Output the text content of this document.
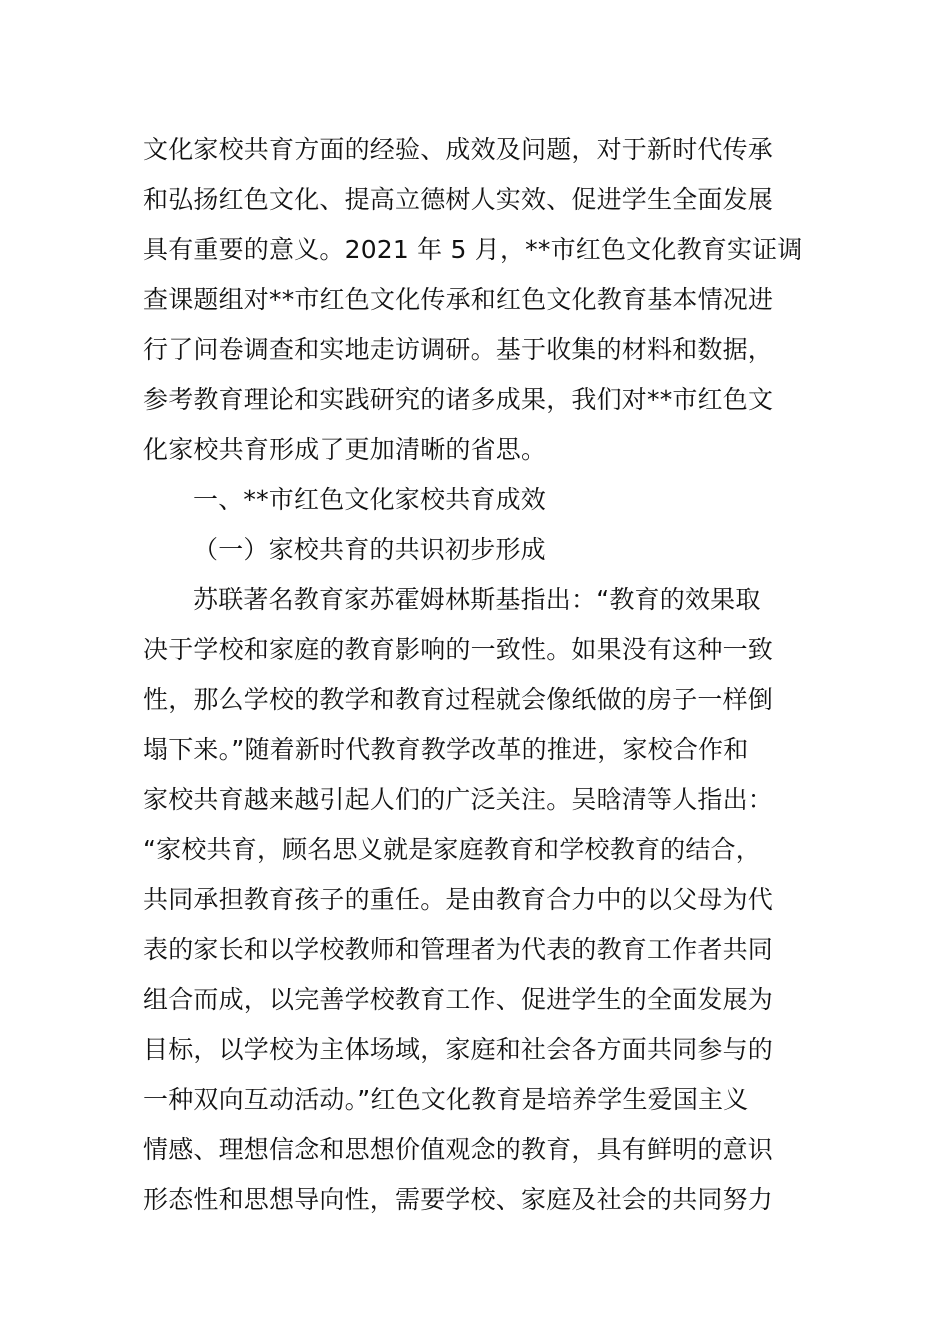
文化家校共育方面的经验、成效及问题，对于新时代传承
和弘扬红色文化、提高立德树人实效、促进学生全面发展
具有重要的意义。2021 年 5 月，**市红色文化教育实证调
查课题组对**市红色文化传承和红色文化教育基本情况进
行了问卷调查和实地走访调研。基于收集的材料和数据，
参考教育理论和实践研究的诸多成果，我们对**市红色文
化家校共育形成了更加清晰的省思。
一、**市红色文化家校共育成效
（一）家校共育的共识初步形成
苏联著名教育家苏霍姆林斯基指出：“教育的效果取
决于学校和家庭的教育影响的一致性。如果没有这种一致
性，那么学校的教学和教育过程就会像纸做的房子一样倒
塌下来。”随着新时代教育教学改革的推进，家校合作和
家校共育越来越引起人们的广泛关注。吴晗清等人指出：
“家校共育，顾名思义就是家庭教育和学校教育的结合，
共同承担教育孩子的重任。是由教育合力中的以父母为代
表的家长和以学校教师和管理者为代表的教育工作者共同
组合而成，以完善学校教育工作、促进学生的全面发展为
目标，以学校为主体场域，家庭和社会各方面共同参与的
一种双向互动活动。”红色文化教育是培养学生爱国主义
情感、理想信念和思想价值观念的教育，具有鲜明的意识
形态性和思想导向性，需要学校、家庭及社会的共同努力
